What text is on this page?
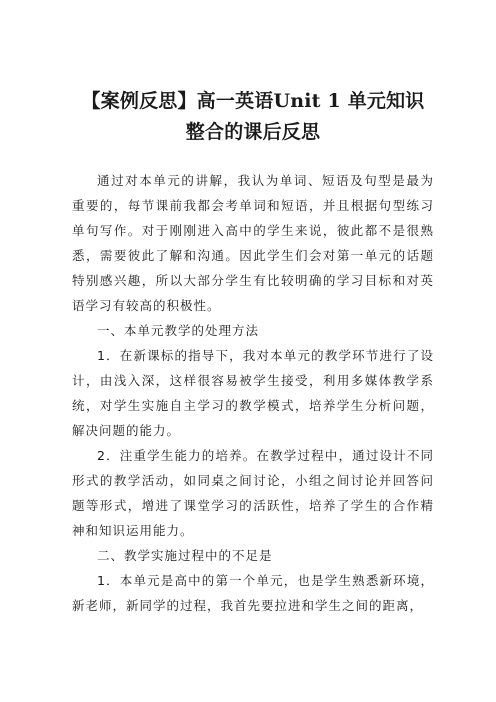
【案例反思】高一英语Unit 1 单元知识整合的课后反思

通过对本单元的讲解，我认为单词、短语及句型是最为重要的，每节课前我都会考单词和短语，并且根据句型练习单句写作。对于刚刚进入高中的学生来说，彼此都不是很熟悉，需要彼此了解和沟通。因此学生们会对第一单元的话题特别感兴趣，所以大部分学生有比较明确的学习目标和对英语学习有较高的积极性。

一、本单元教学的处理方法

1．在新课标的指导下，我对本单元的教学环节进行了设计，由浅入深，这样很容易被学生接受，利用多媒体教学系统，对学生实施自主学习的教学模式，培养学生分析问题，解决问题的能力。

2．注重学生能力的培养。在教学过程中，通过设计不同形式的教学活动，如同桌之间讨论，小组之间讨论并回答问题等形式，增进了课堂学习的活跃性，培养了学生的合作精神和知识运用能力。

二、教学实施过程中的不足是

1．本单元是高中的第一个单元，也是学生熟悉新环境，新老师，新同学的过程，我首先要拉进和学生之间的距离，
